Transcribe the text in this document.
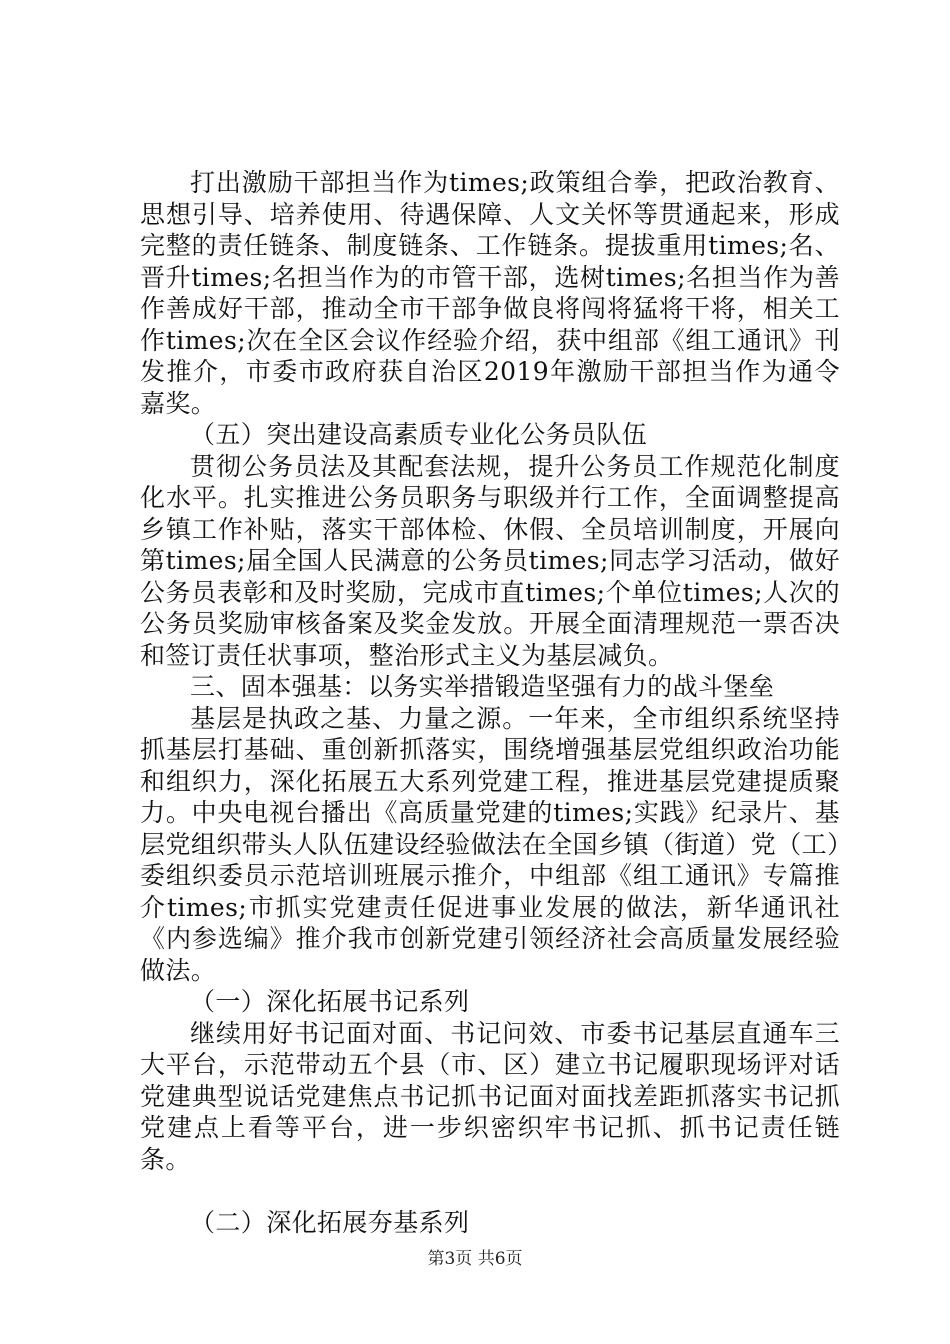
打出激励干部担当作为times;政策组合拳，把政治教育、思想引导、培养使用、待遇保障、人文关怀等贯通起来，形成完整的责任链条、制度链条、工作链条。提拔重用times;名、晋升times;名担当作为的市管干部，选树times;名担当作为善作善成好干部，推动全市干部争做良将闯将猛将干将，相关工作times;次在全区会议作经验介绍，获中组部《组工通讯》刊发推介，市委市政府获自治区2019年激励干部担当作为通令嘉奖。

（五）突出建设高素质专业化公务员队伍

贯彻公务员法及其配套法规，提升公务员工作规范化制度化水平。扎实推进公务员职务与职级并行工作，全面调整提高乡镇工作补贴，落实干部体检、休假、全员培训制度，开展向第times;届全国人民满意的公务员times;同志学习活动，做好公务员表彰和及时奖励，完成市直times;个单位times;人次的公务员奖励审核备案及奖金发放。开展全面清理规范一票否决和签订责任状事项，整治形式主义为基层减负。

三、固本强基：以务实举措锻造坚强有力的战斗堡垒

基层是执政之基、力量之源。一年来，全市组织系统坚持抓基层打基础、重创新抓落实，围绕增强基层党组织政治功能和组织力，深化拓展五大系列党建工程，推进基层党建提质聚力。中央电视台播出《高质量党建的times;实践》纪录片、基层党组织带头人队伍建设经验做法在全国乡镇（街道）党（工）委组织委员示范培训班展示推介，中组部《组工通讯》专篇推介times;市抓实党建责任促进事业发展的做法，新华通讯社《内参选编》推介我市创新党建引领经济社会高质量发展经验做法。

（一）深化拓展书记系列

继续用好书记面对面、书记问效、市委书记基层直通车三大平台，示范带动五个县（市、区）建立书记履职现场评对话党建典型说话党建焦点书记抓书记面对面找差距抓落实书记抓党建点上看等平台，进一步织密织牢书记抓、抓书记责任链条。

（二）深化拓展夯基系列

第3页 共6页
